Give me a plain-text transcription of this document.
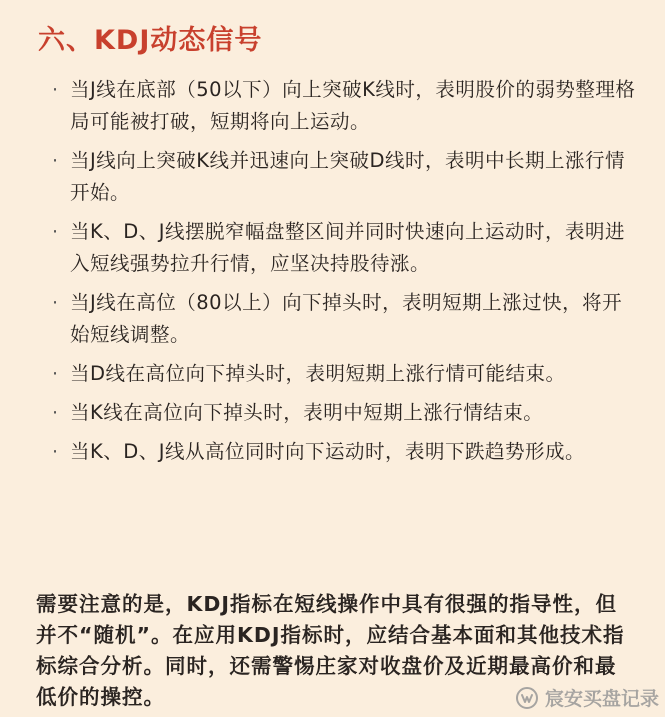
六、KDJ动态信号
· 当J线在底部（50以下）向上突破K线时，表明股价的弱势整理格局可能被打破，短期将向上运动。
· 当J线向上突破K线并迅速向上突破D线时，表明中长期上涨行情开始。
· 当K、D、J线摆脱窄幅盘整区间并同时快速向上运动时，表明进入短线强势拉升行情，应坚决持股待涨。
· 当J线在高位（80以上）向下掉头时，表明短期上涨过快，将开始短线调整。
· 当D线在高位向下掉头时，表明短期上涨行情可能结束。
· 当K线在高位向下掉头时，表明中短期上涨行情结束。
· 当K、D、J线从高位同时向下运动时，表明下跌趋势形成。
需要注意的是，KDJ指标在短线操作中具有很强的指导性，但并不“随机”。在应用KDJ指标时，应结合基本面和其他技术指标综合分析。同时，还需警惕庄家对收盘价及近期最高价和最低价的操控。	宸安买盘记录
